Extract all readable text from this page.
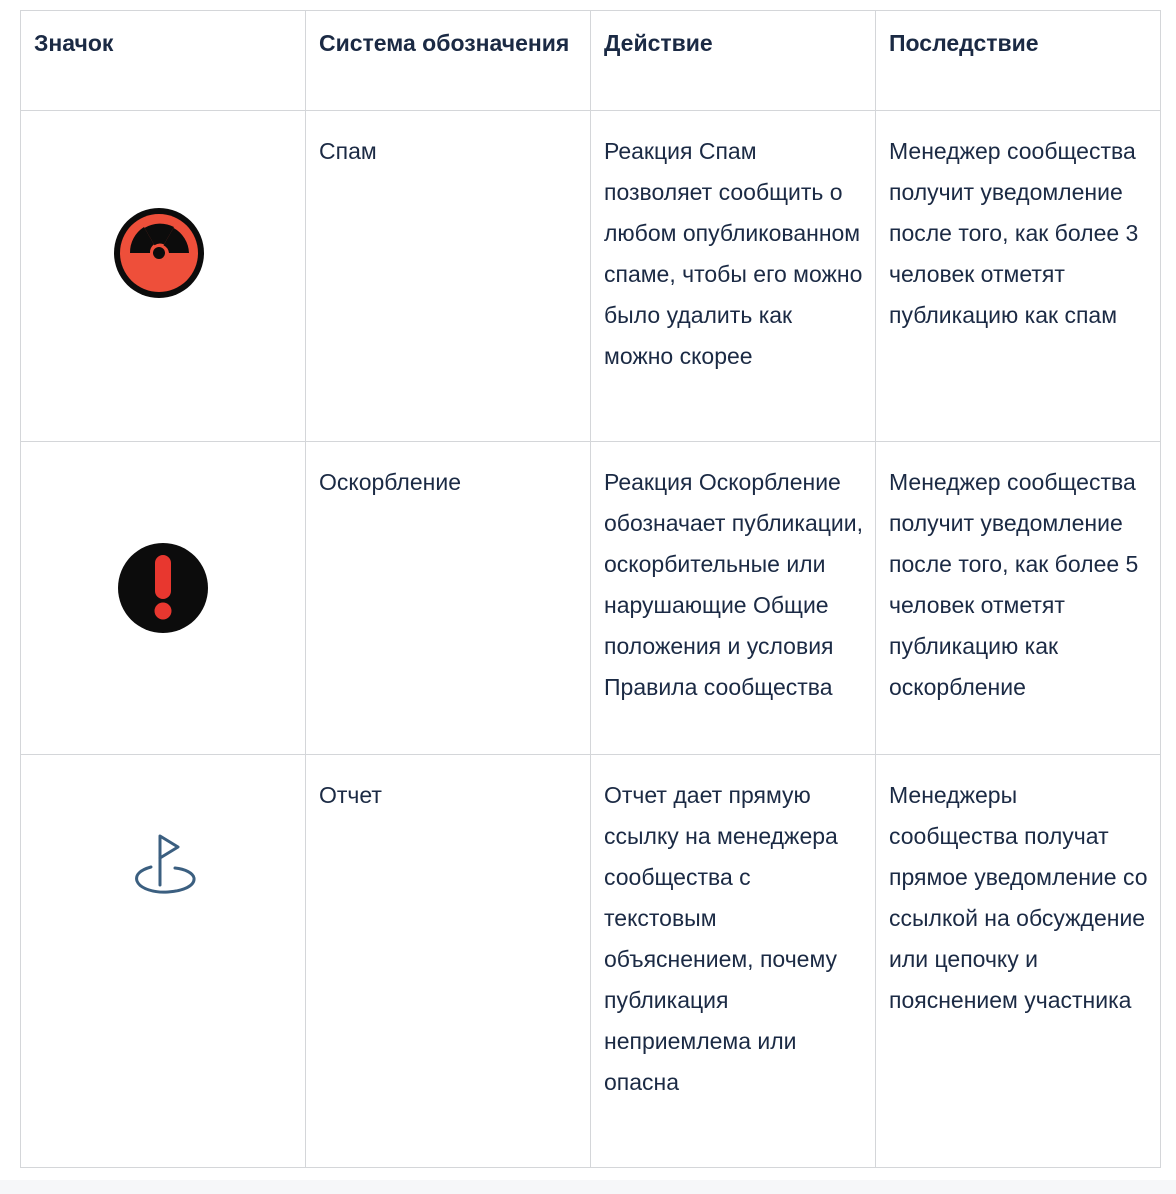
Значок	Система обозначения	Действие	Последствие

	Спам	Реакция Спам позволяет сообщить о любом опубликованном спаме, чтобы его можно было удалить как можно скорее	Менеджер сообщества получит уведомление после того, как более 3 человек отметят публикацию как спам

	Оскорбление	Реакция Оскорбление обозначает публикации, оскорбительные или нарушающие Общие положения и условия Правила сообщества	Менеджер сообщества получит уведомление после того, как более 5 человек отметят публикацию как оскорбление

	Отчет	Отчет дает прямую ссылку на менеджера сообщества с текстовым объяснением, почему публикация неприемлема или опасна	Менеджеры сообщества получат прямое уведомление со ссылкой на обсуждение или цепочку и пояснением участника
